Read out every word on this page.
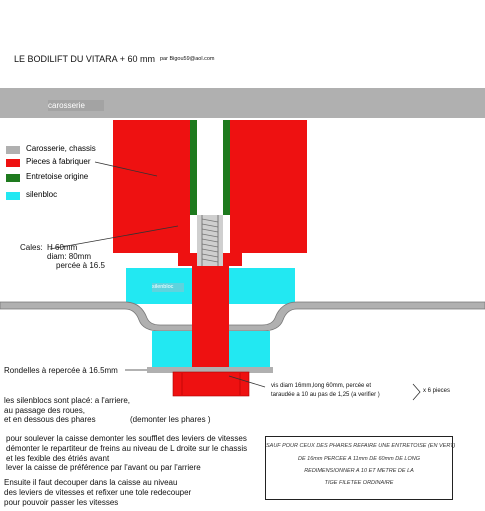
LE BODILIFT DU VITARA + 60 mm par Bigou59@aol.com
carosserie
silenbloc
Carosserie, chassis
Pieces à fabriquer
Entretoise origine
silenbloc
Cales: H 60mm
diam: 80mm
percée à 16.5
Rondelles à repercée à 16.5mm
vis diam 16mm,long 60mm, percée et
taraudée a 10 au pas de 1,25 (a verifier )
x 6 pieces
les silenblocs sont placé: a l'arriere,
au passage des roues,
et en dessous des phares	(demonter les phares )
pour soulever la caisse demonter les soufflet des leviers de vitesses
démonter le repartiteur de freins au niveau de L droite sur le chassis
et les fexible des étriés avant
lever la caisse de préférence par l'avant ou par l'arriere
Ensuite il faut decouper dans la caisse au niveau
des leviers de vitesses et refixer une tole redecouper
pour pouvoir passer les vitesses
SAUF POUR CEUX DES PHARES REFAIRE UNE ENTRETOISE (EN VERT)
DE 16mm PERCEE A 11mm DE 60mm DE LONG
REDIMENSIONNER A 10 ET METRE DE LA
TIGE FILETEE ORDINAIRE
